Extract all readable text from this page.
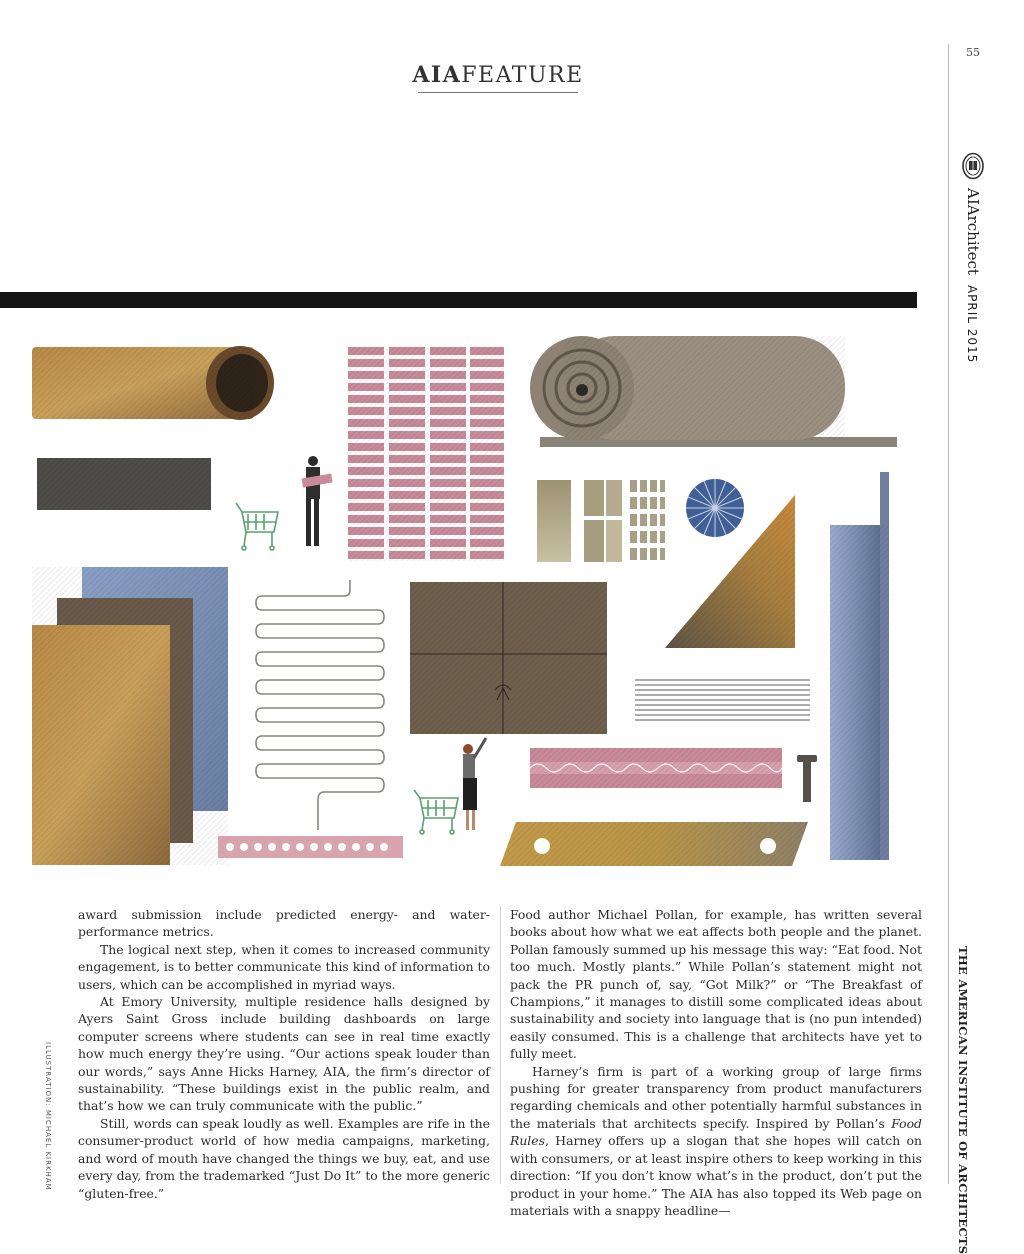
55
AIAFEATURE
AIArchitectAPRIL 2015
THE AMERICAN INSTITUTE OF ARCHITECTS
ILLUSTRATION: MICHAEL KIRKHAM

award submission include predicted energy- and water-performance metrics.

The logical next step, when it comes to increased community engagement, is to better communicate this kind of information to users, which can be accomplished in myriad ways.

At Emory University, multiple residence halls designed by Ayers Saint Gross include building dashboards on large computer screens where students can see in real time exactly how much energy they’re using. “Our actions speak louder than our words,” says Anne Hicks Harney, AIA, the firm’s director of sustainability. “These buildings exist in the public realm, and that’s how we can truly communicate with the public.”

Still, words can speak loudly as well. Examples are rife in the consumer-product world of how media campaigns, marketing, and word of mouth have changed the things we buy, eat, and use every day, from the trademarked “Just Do It” to the more generic “gluten-free.”

Food author Michael Pollan, for example, has written several books about how what we eat affects both people and the planet. Pollan famously summed up his message this way: “Eat food. Not too much. Mostly plants.” While Pollan’s statement might not pack the PR punch of, say, “Got Milk?” or “The Breakfast of Champions,” it manages to distill some complicated ideas about sustainability and society into language that is (no pun intended) easily consumed. This is a challenge that architects have yet to fully meet.

Harney’s firm is part of a working group of large firms pushing for greater transparency from product manufacturers regarding chemicals and other potentially harmful substances in the materials that architects specify. Inspired by Pollan’s Food Rules, Harney offers up a slogan that she hopes will catch on with consumers, or at least inspire others to keep working in this direction: “If you don’t know what’s in the product, don’t put the product in your home.” The AIA has also topped its Web page on materials with a snappy headline—
